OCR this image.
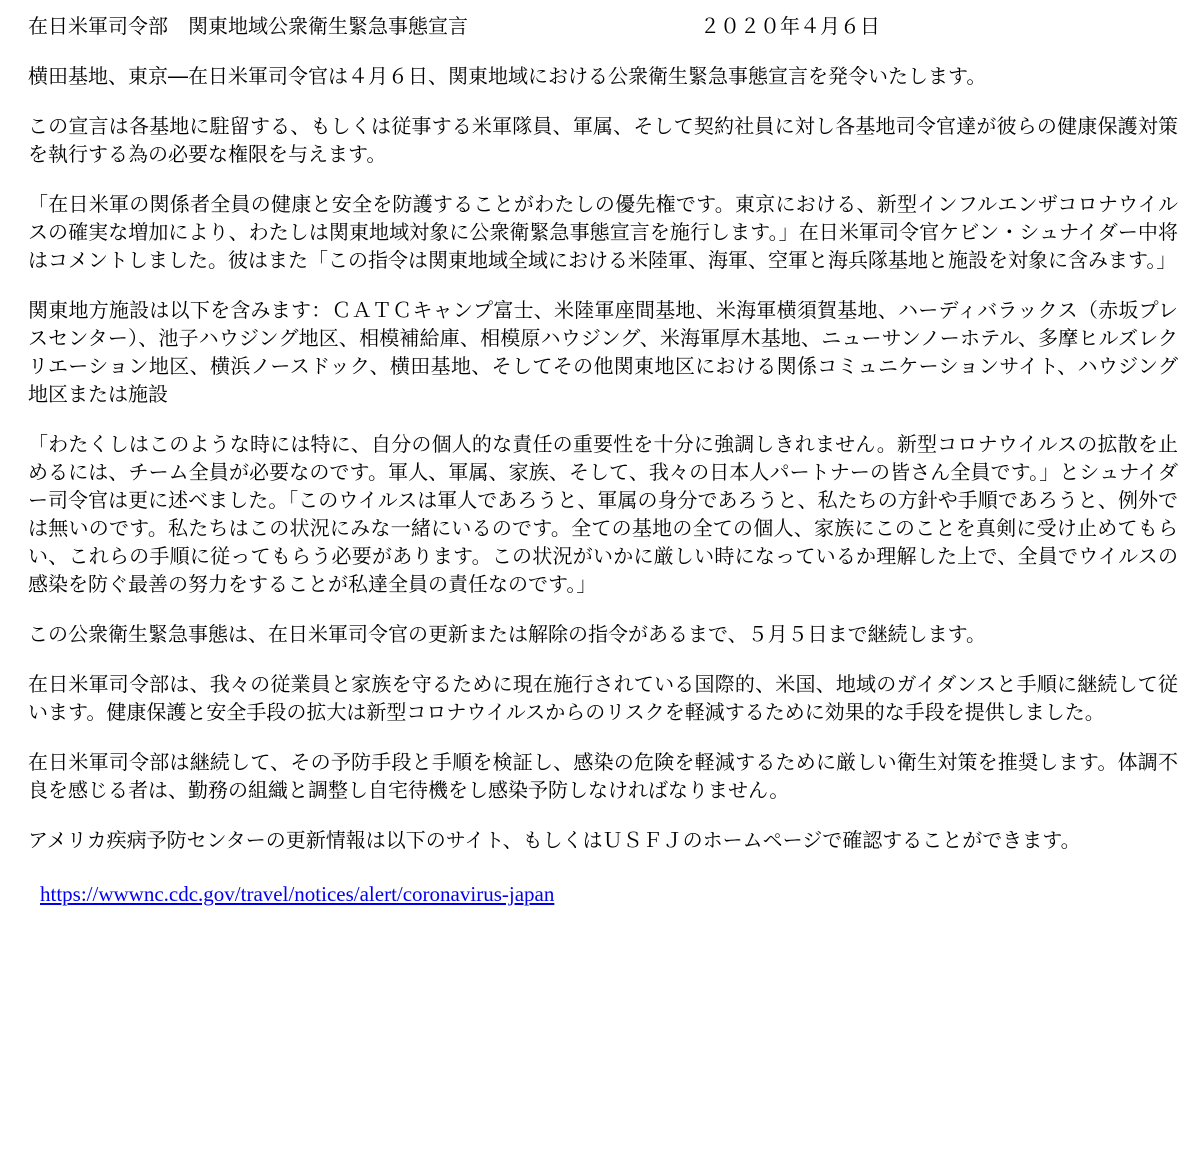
在日米軍司令部　関東地域公衆衛生緊急事態宣言	２０２０年４月６日

横田基地、東京―在日米軍司令官は４月６日、関東地域における公衆衛生緊急事態宣言を発令いたします。

この宣言は各基地に駐留する、もしくは従事する米軍隊員、軍属、そして契約社員に対し各基地司令官達が彼らの健康保護対策を執行する為の必要な権限を与えます。

「在日米軍の関係者全員の健康と安全を防護することがわたしの優先権です。東京における、新型インフルエンザコロナウイルスの確実な増加により、わたしは関東地域対象に公衆衛緊急事態宣言を施行します。」在日米軍司令官ケビン・シュナイダー中将はコメントしました。彼はまた「この指令は関東地域全域における米陸軍、海軍、空軍と海兵隊基地と施設を対象に含みます。」

関東地方施設は以下を含みます：ＣＡＴＣキャンプ富士、米陸軍座間基地、米海軍横須賀基地、ハーディバラックス（赤坂プレスセンター）、池子ハウジング地区、相模補給庫、相模原ハウジング、米海軍厚木基地、ニューサンノーホテル、多摩ヒルズレクリエーション地区、横浜ノースドック、横田基地、そしてその他関東地区における関係コミュニケーションサイト、ハウジング地区または施設

「わたくしはこのような時には特に、自分の個人的な責任の重要性を十分に強調しきれません。新型コロナウイルスの拡散を止めるには、チーム全員が必要なのです。軍人、軍属、家族、そして、我々の日本人パートナーの皆さん全員です。」とシュナイダー司令官は更に述べました。「このウイルスは軍人であろうと、軍属の身分であろうと、私たちの方針や手順であろうと、例外では無いのです。私たちはこの状況にみな一緒にいるのです。全ての基地の全ての個人、家族にこのことを真剣に受け止めてもらい、これらの手順に従ってもらう必要があります。この状況がいかに厳しい時になっているか理解した上で、全員でウイルスの感染を防ぐ最善の努力をすることが私達全員の責任なのです。」

この公衆衛生緊急事態は、在日米軍司令官の更新または解除の指令があるまで、５月５日まで継続します。

在日米軍司令部は、我々の従業員と家族を守るために現在施行されている国際的、米国、地域のガイダンスと手順に継続して従います。健康保護と安全手段の拡大は新型コロナウイルスからのリスクを軽減するために効果的な手段を提供しました。

在日米軍司令部は継続して、その予防手段と手順を検証し、感染の危険を軽減するために厳しい衛生対策を推奨します。体調不良を感じる者は、勤務の組織と調整し自宅待機をし感染予防しなければなりません。

アメリカ疾病予防センターの更新情報は以下のサイト、もしくはＵＳＦＪのホームページで確認することができます。

https://wwwnc.cdc.gov/travel/notices/alert/coronavirus-japan
